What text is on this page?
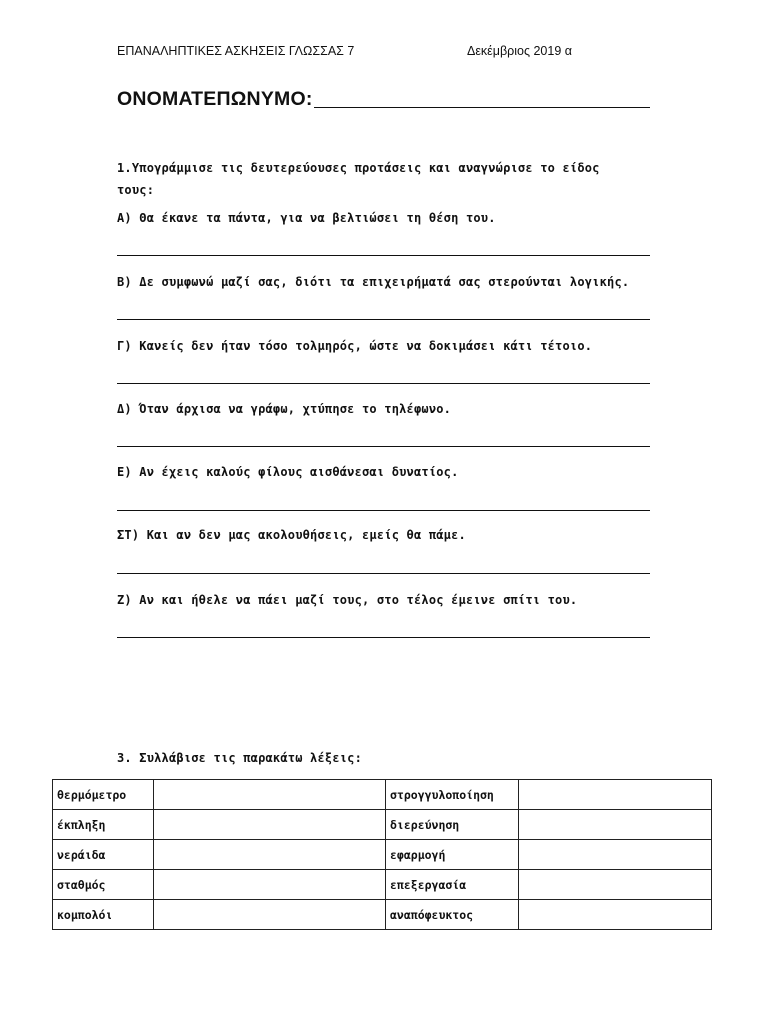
ΕΠΑΝΑΛΗΠΤΙΚΕΣ ΑΣΚΗΣΕΙΣ ΓΛΩΣΣΑΣ 7	Δεκέμβριος 2019 α
ΟΝΟΜΑΤΕΠΩΝΥΜΟ:
1.Υπογράμμισε τις δευτερεύουσες προτάσεις και αναγνώρισε το είδος τους:
Α) Θα έκανε τα πάντα, για να βελτιώσει τη θέση του.
Β) Δε συμφωνώ μαζί σας, διότι τα επιχειρήματά σας στερούνται λογικής.
Γ) Κανείς δεν ήταν τόσο τολμηρός, ώστε να δοκιμάσει κάτι τέτοιο.
Δ) Όταν άρχισα να γράφω, χτύπησε το τηλέφωνο.
Ε) Αν έχεις καλούς φίλους αισθάνεσαι δυνατίος.
ΣΤ) Και αν δεν μας ακολουθήσεις, εμείς θα πάμε.
Ζ) Αν και ήθελε να πάει μαζί τους, στο τέλος έμεινε σπίτι του.
3. Συλλάβισε τις παρακάτω λέξεις:
θερμόμετρο		στρογγυλοποίηση	
έκπληξη		διερεύνηση	
νεράιδα		εφαρμογή	
σταθμός		επεξεργασία	
κομπολόι		αναπόφευκτος	
